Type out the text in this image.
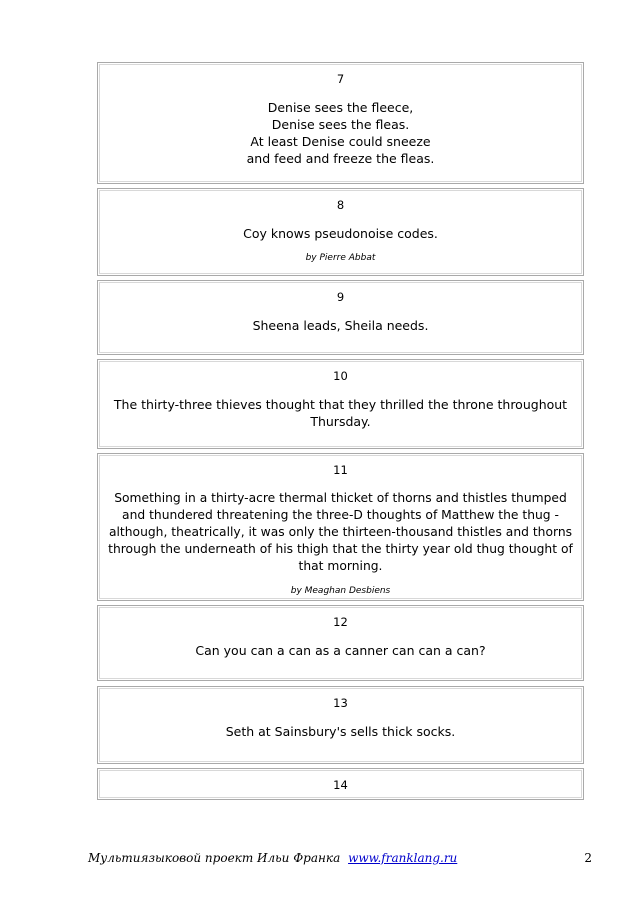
7
Denise sees the fleece,
Denise sees the fleas.
At least Denise could sneeze
and feed and freeze the fleas.
8
Coy knows pseudonoise codes.
by Pierre Abbat
9
Sheena leads, Sheila needs.
10
The thirty-three thieves thought that they thrilled the throne throughout Thursday.
11
Something in a thirty-acre thermal thicket of thorns and thistles thumped and thundered threatening the three-D thoughts of Matthew the thug - although, theatrically, it was only the thirteen-thousand thistles and thorns through the underneath of his thigh that the thirty year old thug thought of that morning.
by Meaghan Desbiens
12
Can you can a can as a canner can can a can?
13
Seth at Sainsbury's sells thick socks.
14
Мультиязыковой проект Ильи Франка www.franklang.ru	2
